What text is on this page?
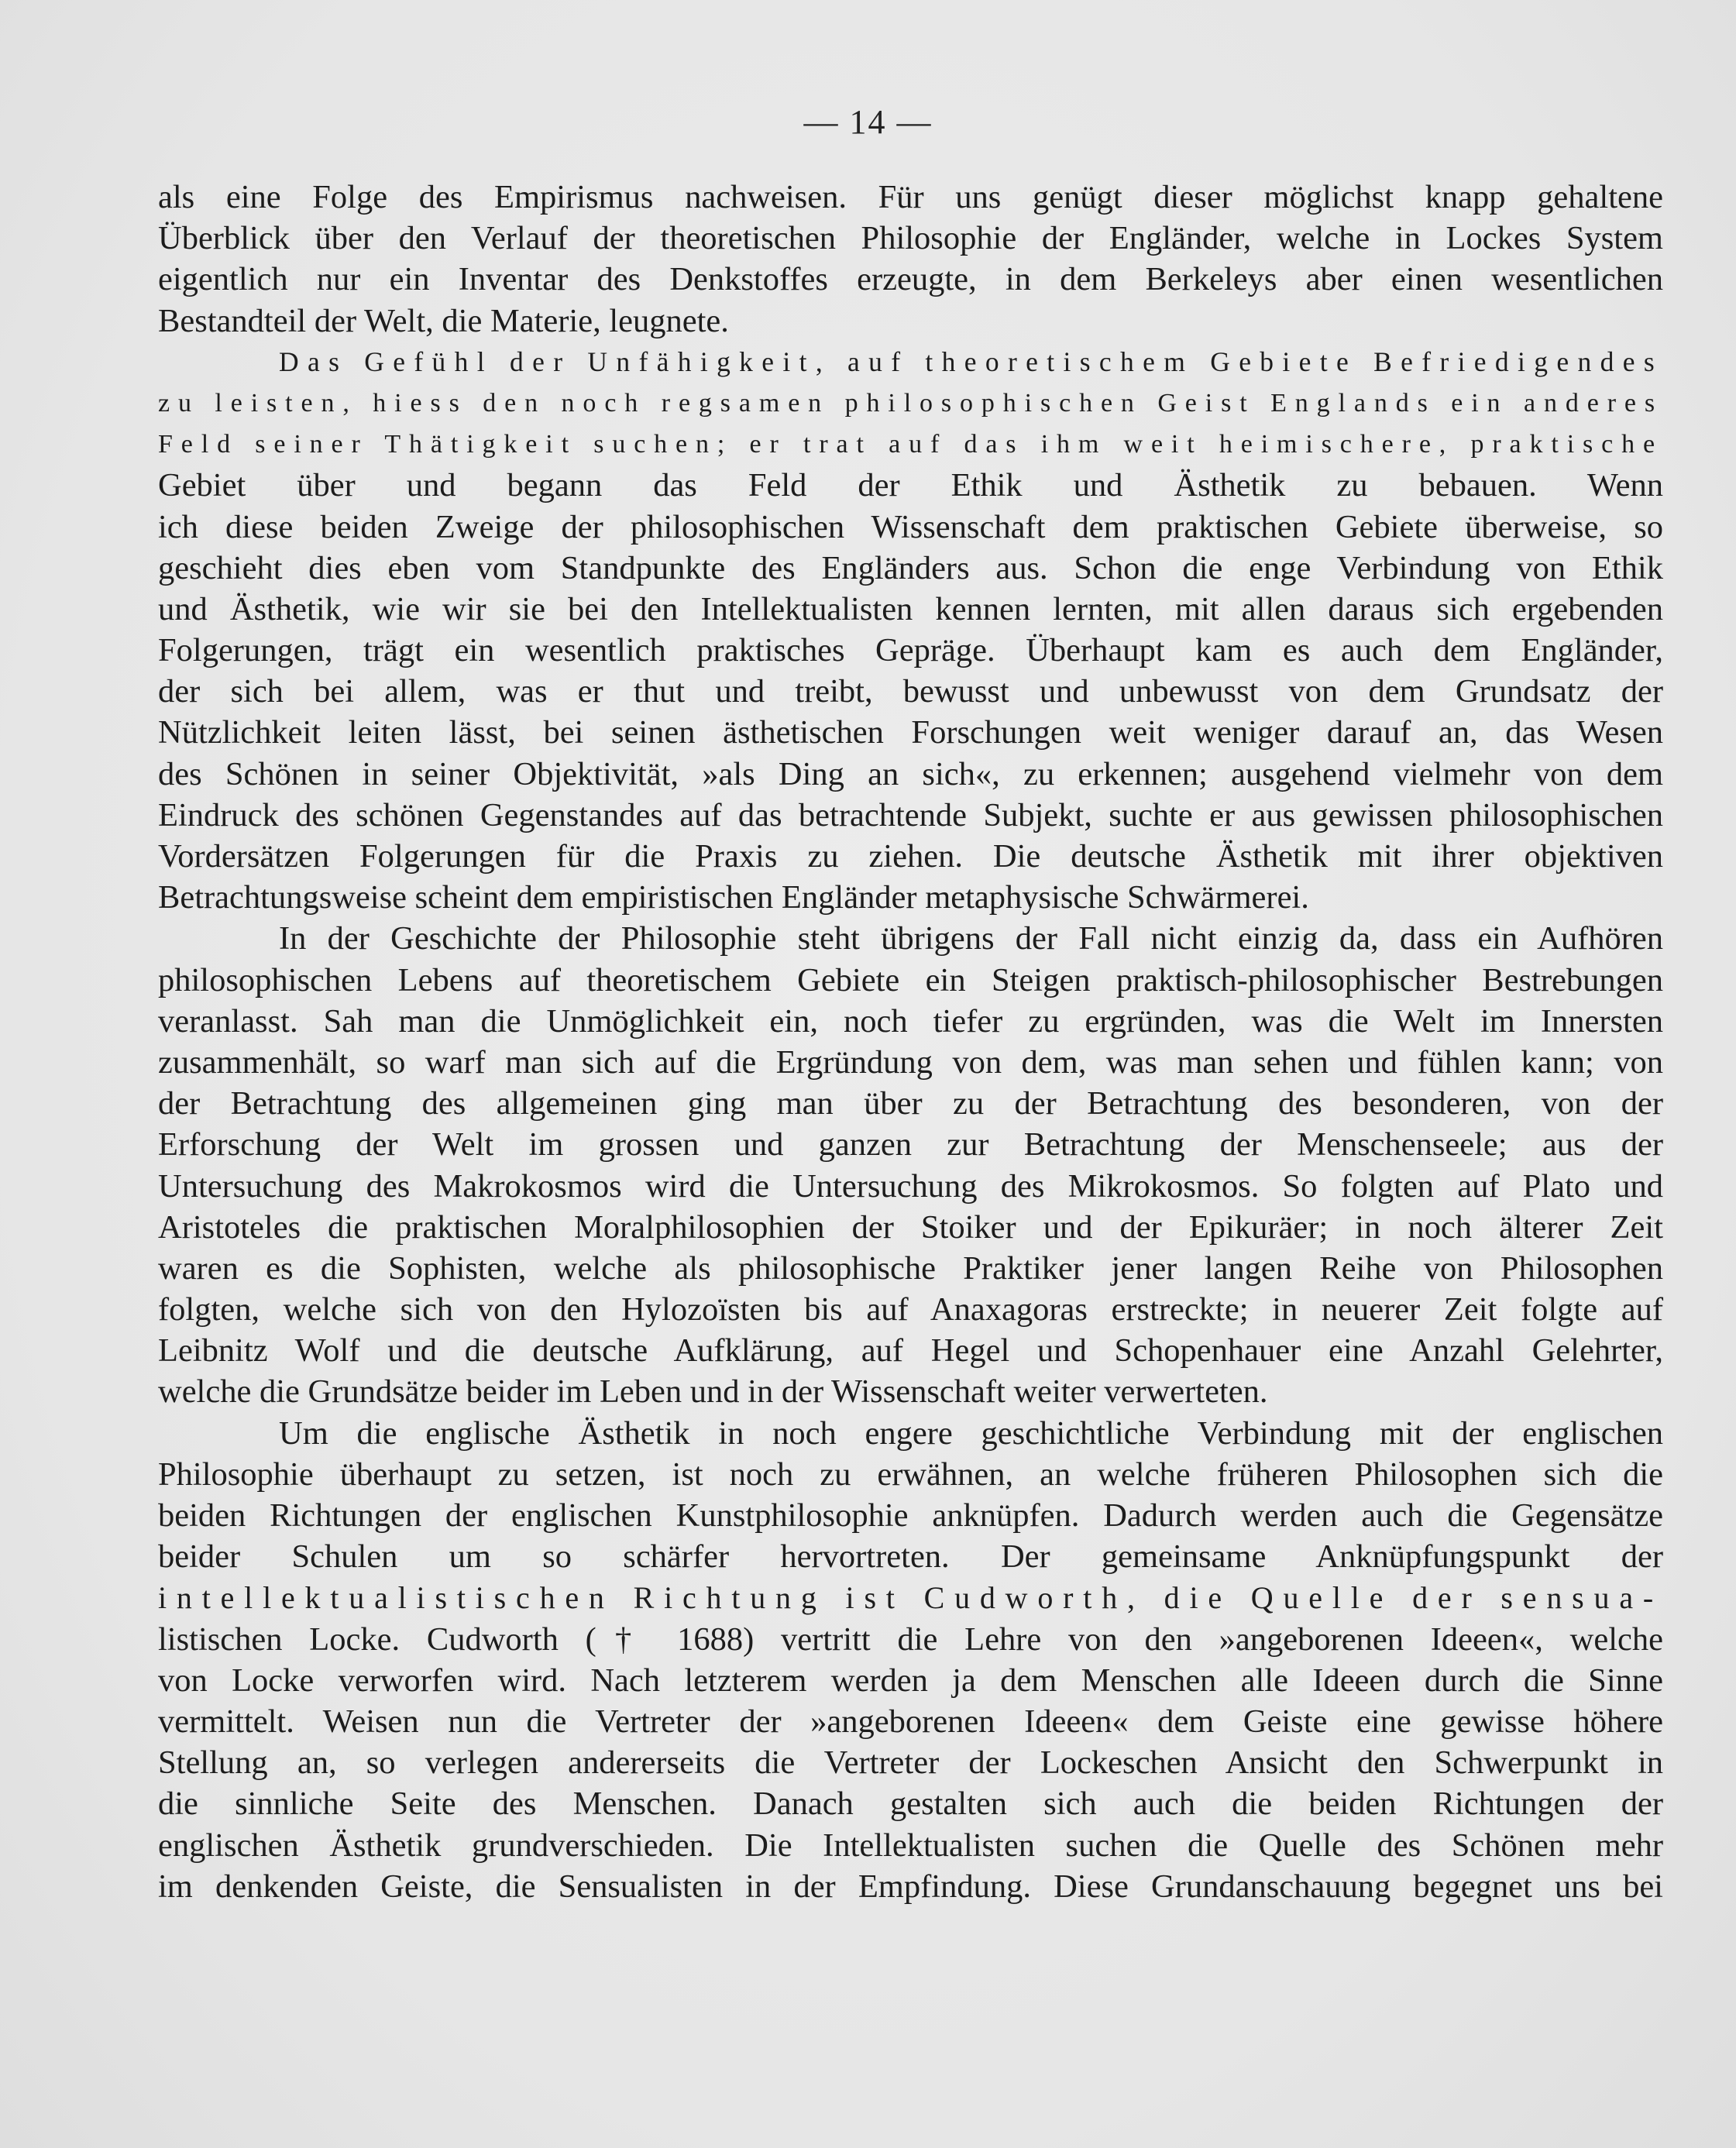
— 14 —
als eine Folge des Empirismus nachweisen. Für uns genügt dieser möglichst knapp gehaltene
Überblick über den Verlauf der theoretischen Philosophie der Engländer, welche in Lockes System
eigentlich nur ein Inventar des Denkstoffes erzeugte, in dem Berkeleys aber einen wesentlichen
Bestandteil der Welt, die Materie, leugnete.
Das Gefühl der Unfähigkeit, auf theoretischem Gebiete Befriedigendes
zu leisten, hiess den noch regsamen philosophischen Geist Englands ein anderes
Feld seiner Thätigkeit suchen; er trat auf das ihm weit heimischere, praktische
Gebiet über und begann das Feld der Ethik und Ästhetik zu bebauen. Wenn
ich diese beiden Zweige der philosophischen Wissenschaft dem praktischen Gebiete überweise, so
geschieht dies eben vom Standpunkte des Engländers aus. Schon die enge Verbindung von Ethik
und Ästhetik, wie wir sie bei den Intellektualisten kennen lernten, mit allen daraus sich ergebenden
Folgerungen, trägt ein wesentlich praktisches Gepräge. Überhaupt kam es auch dem Engländer,
der sich bei allem, was er thut und treibt, bewusst und unbewusst von dem Grundsatz der
Nützlichkeit leiten lässt, bei seinen ästhetischen Forschungen weit weniger darauf an, das Wesen
des Schönen in seiner Objektivität, »als Ding an sich«, zu erkennen; ausgehend vielmehr von dem
Eindruck des schönen Gegenstandes auf das betrachtende Subjekt, suchte er aus gewissen philosophischen
Vordersätzen Folgerungen für die Praxis zu ziehen. Die deutsche Ästhetik mit ihrer objektiven
Betrachtungsweise scheint dem empiristischen Engländer metaphysische Schwärmerei.
In der Geschichte der Philosophie steht übrigens der Fall nicht einzig da, dass ein Aufhören
philosophischen Lebens auf theoretischem Gebiete ein Steigen praktisch-philosophischer Bestrebungen
veranlasst. Sah man die Unmöglichkeit ein, noch tiefer zu ergründen, was die Welt im Innersten
zusammenhält, so warf man sich auf die Ergründung von dem, was man sehen und fühlen kann; von
der Betrachtung des allgemeinen ging man über zu der Betrachtung des besonderen, von der
Erforschung der Welt im grossen und ganzen zur Betrachtung der Menschenseele; aus der
Untersuchung des Makrokosmos wird die Untersuchung des Mikrokosmos. So folgten auf Plato und
Aristoteles die praktischen Moralphilosophien der Stoiker und der Epikuräer; in noch älterer Zeit
waren es die Sophisten, welche als philosophische Praktiker jener langen Reihe von Philosophen
folgten, welche sich von den Hylozoïsten bis auf Anaxagoras erstreckte; in neuerer Zeit folgte auf
Leibnitz Wolf und die deutsche Aufklärung, auf Hegel und Schopenhauer eine Anzahl Gelehrter,
welche die Grundsätze beider im Leben und in der Wissenschaft weiter verwerteten.
Um die englische Ästhetik in noch engere geschichtliche Verbindung mit der englischen
Philosophie überhaupt zu setzen, ist noch zu erwähnen, an welche früheren Philosophen sich die
beiden Richtungen der englischen Kunstphilosophie anknüpfen. Dadurch werden auch die Gegensätze
beider Schulen um so schärfer hervortreten. Der gemeinsame Anknüpfungspunkt der
intellektualistischen Richtung ist Cudworth, die Quelle der sensua-
listischen Locke. Cudworth († 1688) vertritt die Lehre von den »angeborenen Ideeen«, welche
von Locke verworfen wird. Nach letzterem werden ja dem Menschen alle Ideeen durch die Sinne
vermittelt. Weisen nun die Vertreter der »angeborenen Ideeen« dem Geiste eine gewisse höhere
Stellung an, so verlegen andererseits die Vertreter der Lockeschen Ansicht den Schwerpunkt in
die sinnliche Seite des Menschen. Danach gestalten sich auch die beiden Richtungen der
englischen Ästhetik grundverschieden. Die Intellektualisten suchen die Quelle des Schönen mehr
im denkenden Geiste, die Sensualisten in der Empfindung. Diese Grundanschauung begegnet uns bei
